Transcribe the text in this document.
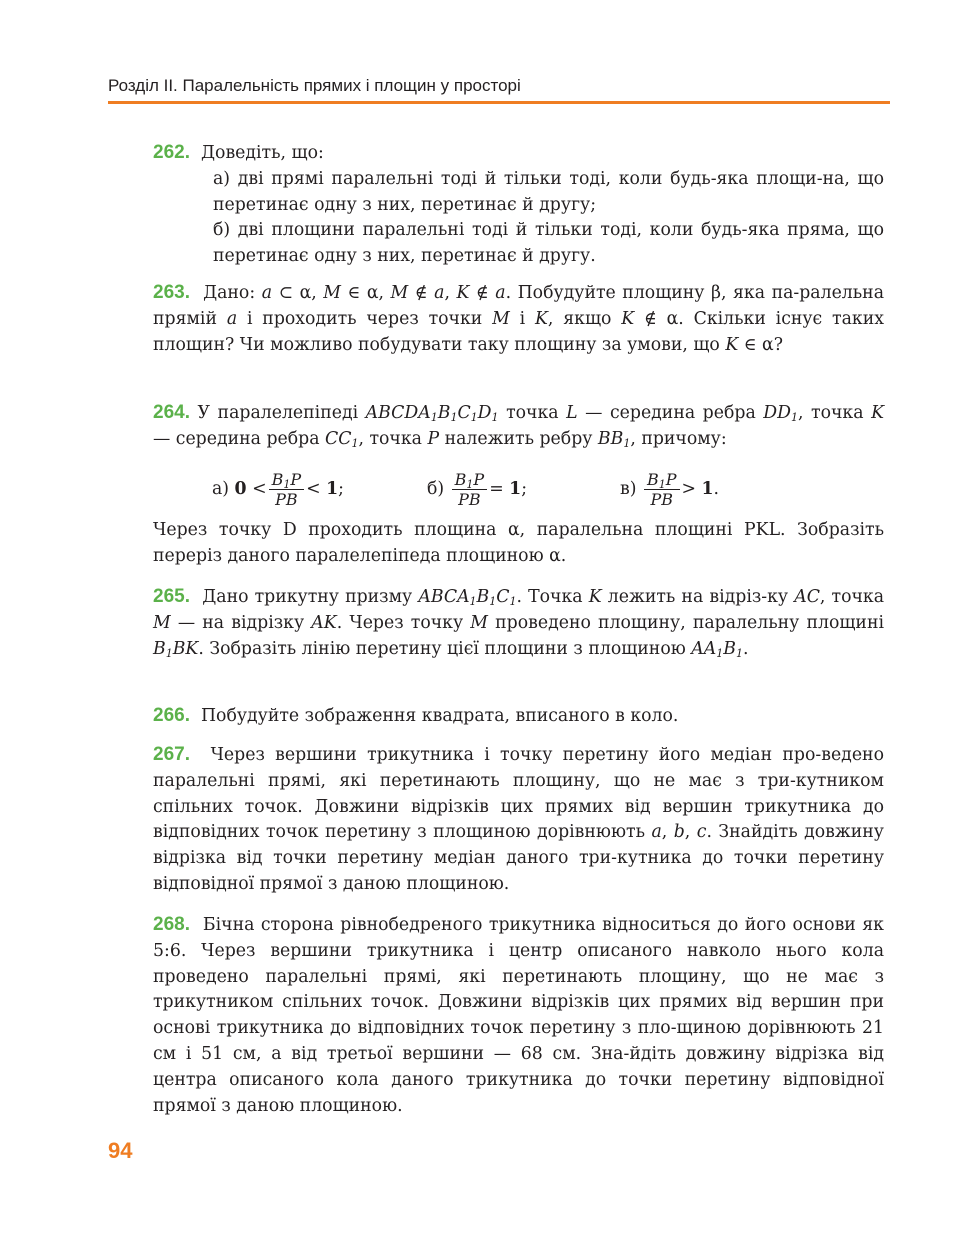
Розділ II. Паралельність прямих і площин у просторі
262. Доведіть, що:
а) дві прямі паралельні тоді й тільки тоді, коли будь-яка площи-на, що перетинає одну з них, перетинає й другу;
б) дві площини паралельні тоді й тільки тоді, коли будь-яка пряма, що перетинає одну з них, перетинає й другу.
263. Дано: a ⊂ α, M ∈ α, M ∉ a, K ∉ a. Побудуйте площину β, яка па-ралельна прямій a і проходить через точки M і K, якщо K ∉ α. Скільки існує таких площин? Чи можливо побудувати таку площину за умови, що K ∈ α?
264. У паралелепіпеді $ABCDA_1B_1C_1D_1$ точка L — середина ребра $DD_1$, точка K — середина ребра $CC_1$, точка P належить ребру $BB_1$, причому:
а)
$0 < \frac{B_1P}{PB} < 1$ ;	б)
$\frac{B_1P}{PB} = 1$ ;	в)
$\frac{B_1P}{PB} > 1$ .
Через точку D проходить площина α, паралельна площині PKL. Зобразіть переріз даного паралелепіпеда площиною α.
265. Дано трикутну призму $ABCA_1B_1C_1$. Точка K лежить на відріз-ку AC, точка M — на відрізку AK. Через точку M проведено площину, паралельну площині $B_1BK$. Зобразіть лінію перетину цієї площини з площиною $AA_1B_1$.
266. Побудуйте зображення квадрата, вписаного в коло.
267. Через вершини трикутника і точку перетину його медіан про-ведено паралельні прямі, які перетинають площину, що не має з три-кутником спільних точок. Довжини відрізків цих прямих від вершин трикутника до відповідних точок перетину з площиною дорівнюють a, b, c. Знайдіть довжину відрізка від точки перетину медіан даного три-кутника до точки перетину відповідної прямої з даною площиною.
268. Бічна сторона рівнобедреного трикутника відноситься до його основи як 5:6. Через вершини трикутника і центр описаного навколо нього кола проведено паралельні прямі, які перетинають площину, що не має з трикутником спільних точок. Довжини відрізків цих прямих від вершин при основі трикутника до відповідних точок перетину з пло-щиною дорівнюють 21 см і 51 см, а від третьої вершини — 68 см. Зна-йдіть довжину відрізка від центра описаного кола даного трикутника до точки перетину відповідної прямої з даною площиною.
94
